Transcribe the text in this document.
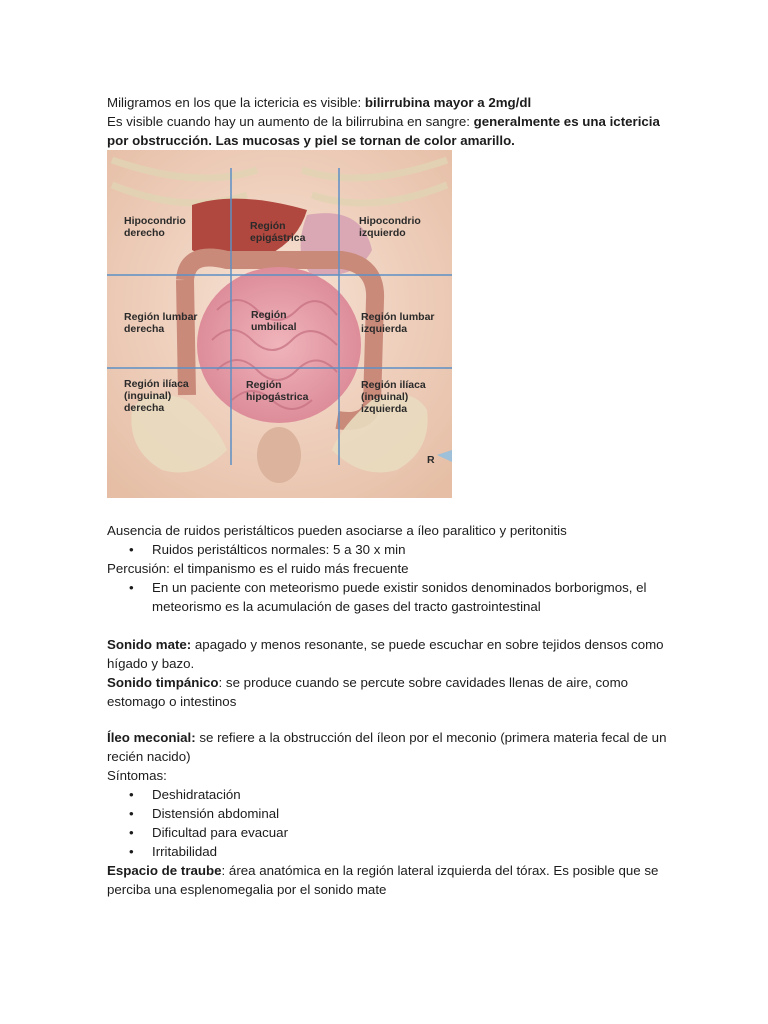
Miligramos en los que la ictericia es visible: bilirrubina mayor a 2mg/dl

Es visible cuando hay un aumento de la bilirrubina en sangre: generalmente es una ictericia por obstrucción. Las mucosas y piel se tornan de color amarillo.

R
Hipocondrio
derecho
Región
epigástrica
Hipocondrio
izquierdo
Región lumbar
derecha
Región
umbilical
Región lumbar
izquierda
Región ilíaca
(inguinal)
derecha
Región
hipogástrica
Región ilíaca
(inguinal)
izquierda

Ausencia de ruidos peristálticos pueden asociarse a íleo paralitico y peritonitis

• Ruidos peristálticos normales: 5 a 30 x min

Percusión: el timpanismo es el ruido más frecuente

• En un paciente con meteorismo puede existir sonidos denominados borborigmos, el meteorismo es la acumulación de gases del tracto gastrointestinal

Sonido mate: apagado y menos resonante, se puede escuchar en sobre tejidos densos como hígado y bazo.

Sonido timpánico: se produce cuando se percute sobre cavidades llenas de aire, como estomago o intestinos

Íleo meconial: se refiere a la obstrucción del íleon por el meconio (primera materia fecal de un recién nacido)

Síntomas:

• Deshidratación
• Distensión abdominal
• Dificultad para evacuar
• Irritabilidad

Espacio de traube: área anatómica en la región lateral izquierda del tórax. Es posible que se perciba una esplenomegalia por el sonido mate
